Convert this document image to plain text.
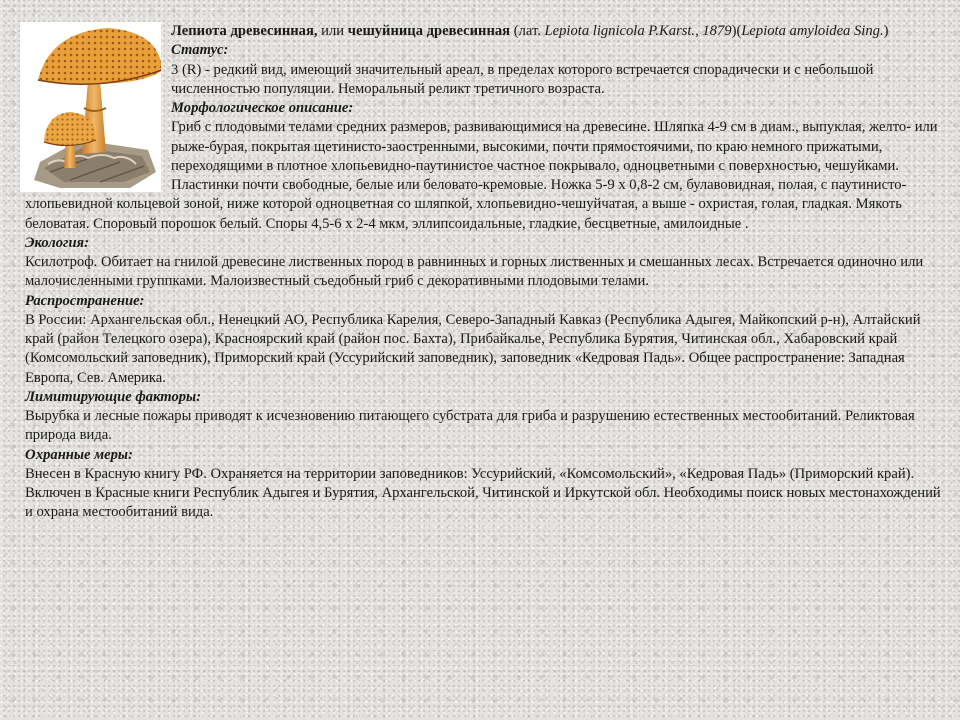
Лепиота древесинная, или чешуйница древесинная (лат. Lepiota lignicola P.Karst., 1879)(Lepiota amyloidea Sing.)

Статус:

3 (R) - редкий вид, имеющий значительный ареал, в пределах которого встречается спорадически и с небольшой численностью популяции. Неморальный реликт третичного возраста.

Морфологическое описание:

Гриб с плодовыми телами средних размеров, развивающимися на древесине. Шляпка 4-9 см в диам., выпуклая, желто- или рыже-бурая, покрытая щетинисто-заостренными, высокими, почти прямостоячими, по краю немного прижатыми, переходящими в плотное хлопьевидно-паутинистое частное покрывало, одноцветными с поверхностью, чешуйками. Пластинки почти свободные, белые или беловато-кремовые. Ножка 5-9 x 0,8-2 см, булавовидная, полая, с паутинисто-хлопьевидной кольцевой зоной, ниже которой одноцветная со шляпкой, хлопьевидно-чешуйчатая, а выше - охристая, голая, гладкая. Мякоть беловатая. Споровый порошок белый. Споры 4,5-6 x 2-4 мкм, эллипсоидальные, гладкие, бесцветные, амилоидные .

Экология:

Ксилотроф. Обитает на гнилой древесине лиственных пород в равнинных и горных лиственных и смешанных лесах. Встречается одиночно или малочисленными группками. Малоизвестный съедобный гриб с декоративными плодовыми телами.

Распространение:

В России: Архангельская обл., Ненецкий АО, Республика Карелия, Северо-Западный Кавказ (Республика Адыгея, Майкопский р-н), Алтайский край (район Телецкого озера), Красноярский край (район пос. Бахта), Прибайкалье, Республика Бурятия, Читинская обл., Хабаровский край (Комсомольский заповедник), Приморский край (Уссурийский заповедник), заповедник «Кедровая Падь». Общее распространение: Западная Европа, Сев. Америка.

Лимитирующие факторы:

Вырубка и лесные пожары приводят к исчезновению питающего субстрата для гриба и разрушению естественных местообитаний. Реликтовая природа вида.

Охранные меры:

Внесен в Красную книгу РФ. Охраняется на территории заповедников: Уссурийский, «Комсомольский», «Кедровая Падь» (Приморский край). Включен в Красные книги Республик Адыгея и Бурятия, Архангельской, Читинской и Иркутской обл. Необходимы поиск новых местонахождений и охрана местообитаний вида.
